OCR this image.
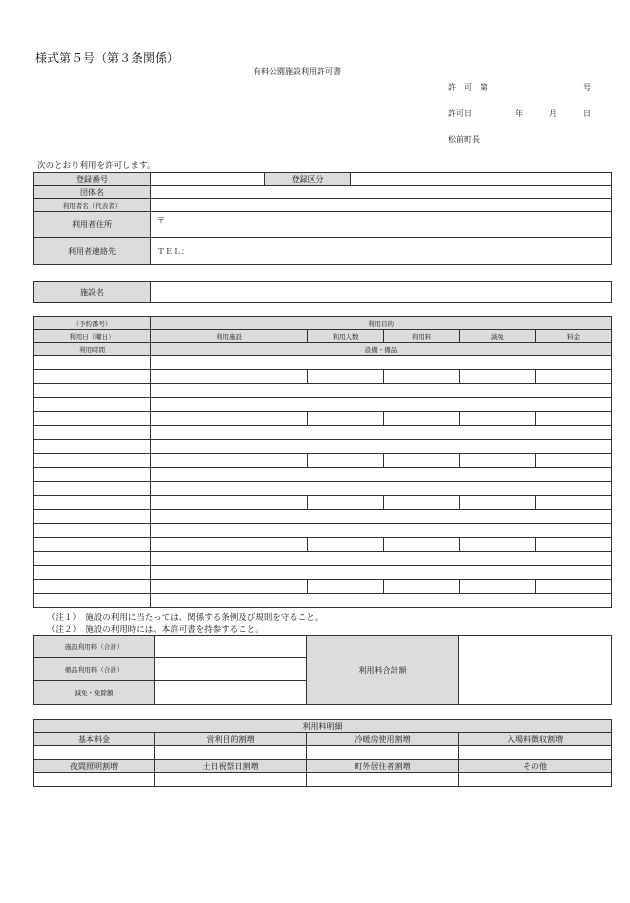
様式第５号（第３条関係）
有料公園施設利用許可書
許　可　第	号
許可日	年	月	日
松前町長
次のとおり利用を許可します。
登録番号		登録区分	
団体名			
利用者名（代表者）			
利用者住所	〒		
利用者連絡先	ＴＥＬ：		
施設名	
（予約番号）	利用目的				
利用日（曜日）	利用施設	利用人数	利用料	減免	料金
利用時間	設備・備品				

（注１）　施設の利用に当たっては、関係する条例及び規則を守ること。
（注２）　施設の利用時には、本許可書を持参すること。
施設利用料（合計）		利用料合計額	
備品利用料（合計）			
減免・免除額			
利用料明細			
基本料金	営利目的割増	冷暖房使用割増	入場料徴収割増

夜間照明割増	土日祝祭日割増	町外居住者割増	その他
